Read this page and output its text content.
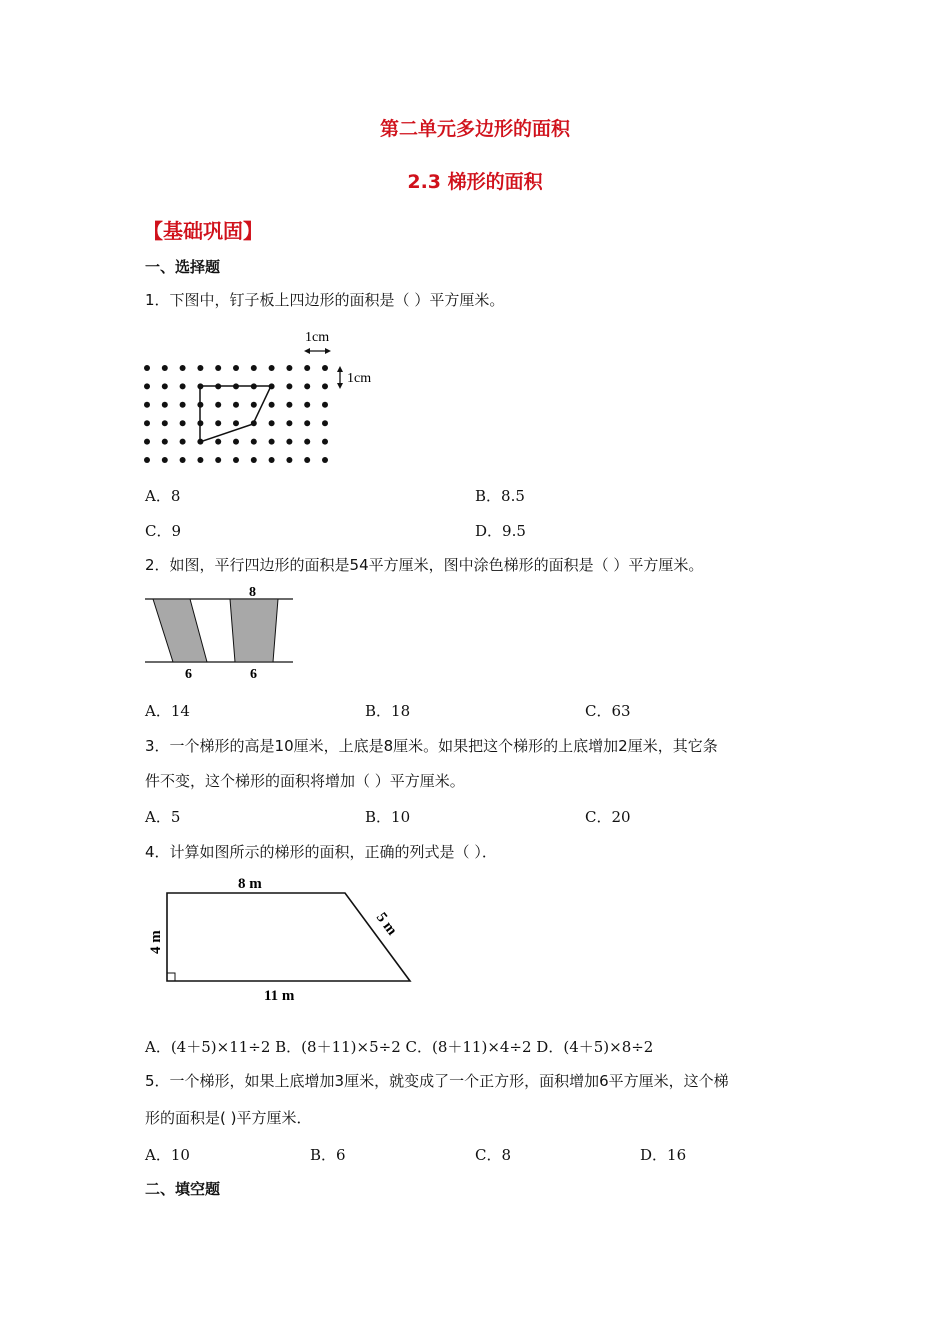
第二单元多边形的面积
2.3 梯形的面积
【基础巩固】
一、选择题
1．下图中，钉子板上四边形的面积是（ ）平方厘米。
1cm
1cm
A．8	B．8.5
C．9	D．9.5
2．如图，平行四边形的面积是54平方厘米，图中涂色梯形的面积是（ ）平方厘米。
8
6	6
A．14	B．18	C．63
3．一个梯形的高是10厘米，上底是8厘米。如果把这个梯形的上底增加2厘米，其它条
件不变，这个梯形的面积将增加（ ）平方厘米。
A．5	B．10	C．20
4．计算如图所示的梯形的面积，正确的列式是（ ）．
8 m
4 m
5 m
11 m
A．(4＋5)×11÷2 B．(8＋11)×5÷2 C．(8＋11)×4÷2 D．(4＋5)×8÷2
5．一个梯形，如果上底增加3厘米，就变成了一个正方形，面积增加6平方厘米，这个梯
形的面积是( )平方厘米．
A．10	B．6	C．8	D．16
二、填空题
